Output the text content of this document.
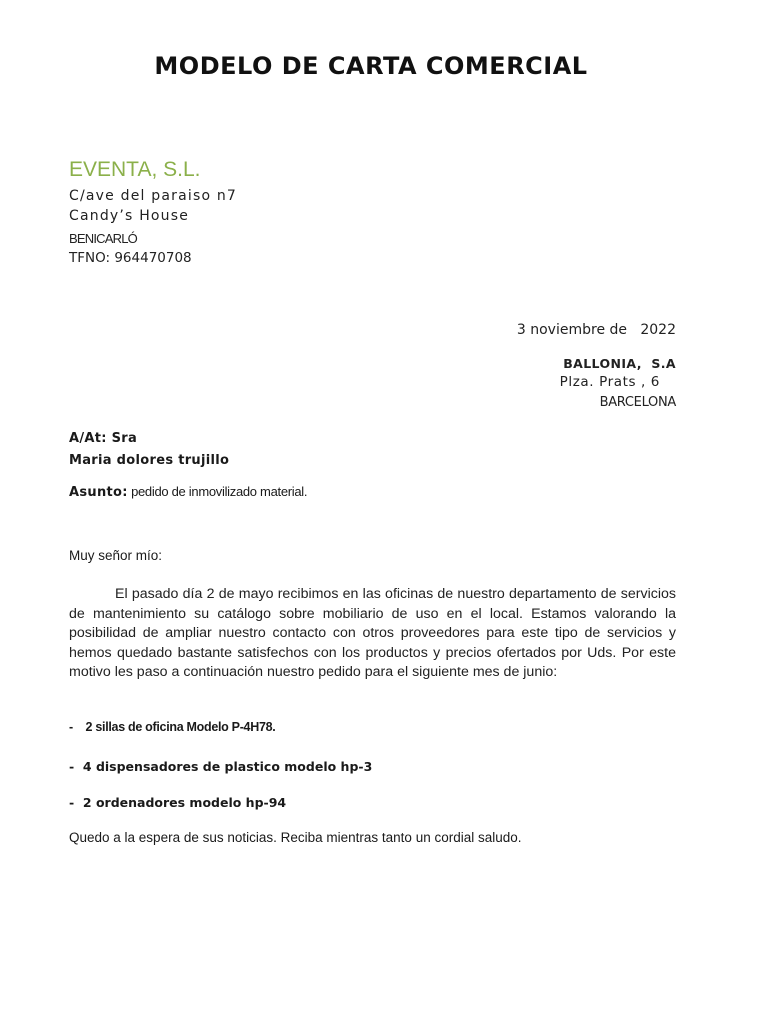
MODELO DE CARTA COMERCIAL
EVENTA, S.L.
C/ave del paraiso n7
Candy’s House
BENICARLÓ
TFNO: 964470708
3 noviembre de   2022
BALLONIA,  S.A
Plza. Prats , 6
BARCELONA
A/At: Sra
Maria dolores trujillo
Asunto: pedido de inmovilizado material.
Muy señor mío:
El pasado día 2 de mayo recibimos en las oficinas de nuestro departamento de servicios de mantenimiento su catálogo sobre mobiliario de uso en el local. Estamos valorando la posibilidad de ampliar nuestro contacto con otros proveedores para este tipo de servicios y hemos quedado bastante satisfechos con los productos y precios ofertados por Uds. Por este motivo les paso a continuación nuestro pedido para el siguiente mes de junio:
-    2 sillas de oficina Modelo P-4H78.
-  4 dispensadores de plastico modelo hp-3
-  2 ordenadores modelo hp-94
Quedo a la espera de sus noticias. Reciba mientras tanto un cordial saludo.
